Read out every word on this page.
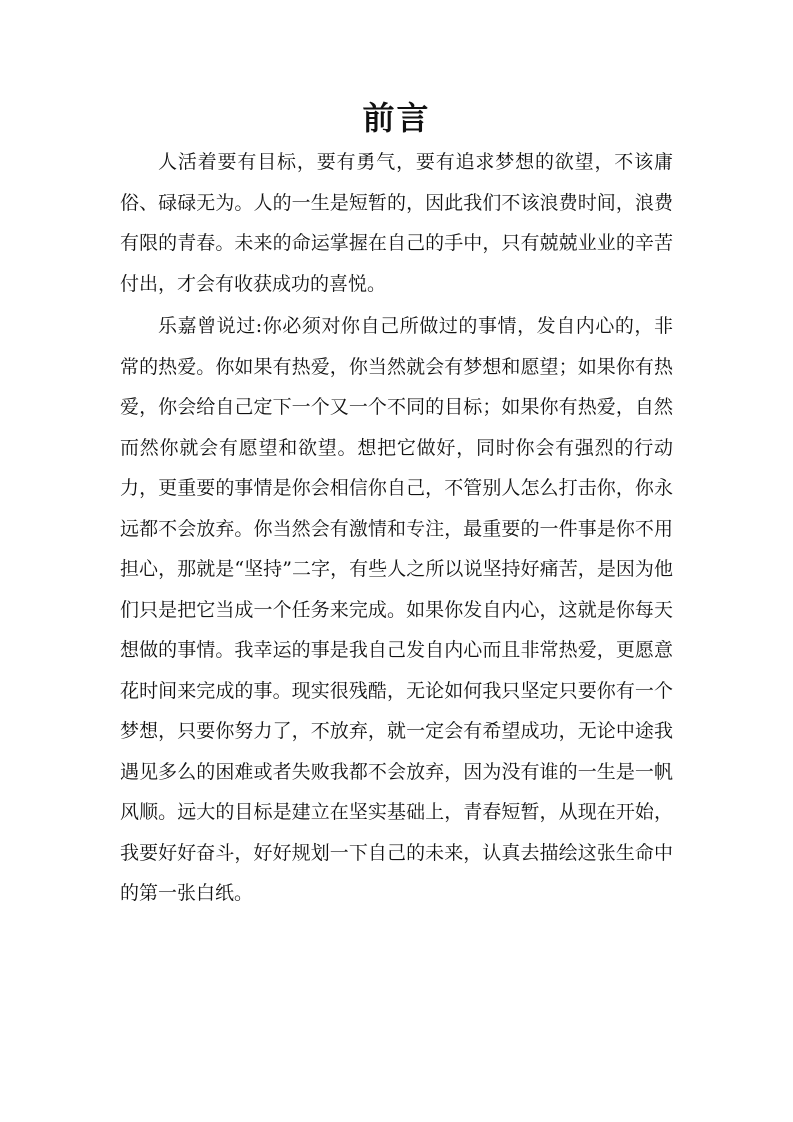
前言

人活着要有目标，要有勇气，要有追求梦想的欲望，不该庸俗、碌碌无为。人的一生是短暂的，因此我们不该浪费时间，浪费有限的青春。未来的命运掌握在自己的手中，只有兢兢业业的辛苦付出，才会有收获成功的喜悦。

乐嘉曾说过:你必须对你自己所做过的事情，发自内心的，非常的热爱。你如果有热爱，你当然就会有梦想和愿望；如果你有热爱，你会给自己定下一个又一个不同的目标；如果你有热爱，自然而然你就会有愿望和欲望。想把它做好，同时你会有强烈的行动力，更重要的事情是你会相信你自己，不管别人怎么打击你，你永远都不会放弃。你当然会有激情和专注，最重要的一件事是你不用担心，那就是“坚持”二字，有些人之所以说坚持好痛苦，是因为他们只是把它当成一个任务来完成。如果你发自内心，这就是你每天想做的事情。我幸运的事是我自己发自内心而且非常热爱，更愿意花时间来完成的事。现实很残酷，无论如何我只坚定只要你有一个梦想，只要你努力了，不放弃，就一定会有希望成功，无论中途我遇见多么的困难或者失败我都不会放弃，因为没有谁的一生是一帆风顺。远大的目标是建立在坚实基础上，青春短暂，从现在开始，我要好好奋斗，好好规划一下自己的未来，认真去描绘这张生命中的第一张白纸。
